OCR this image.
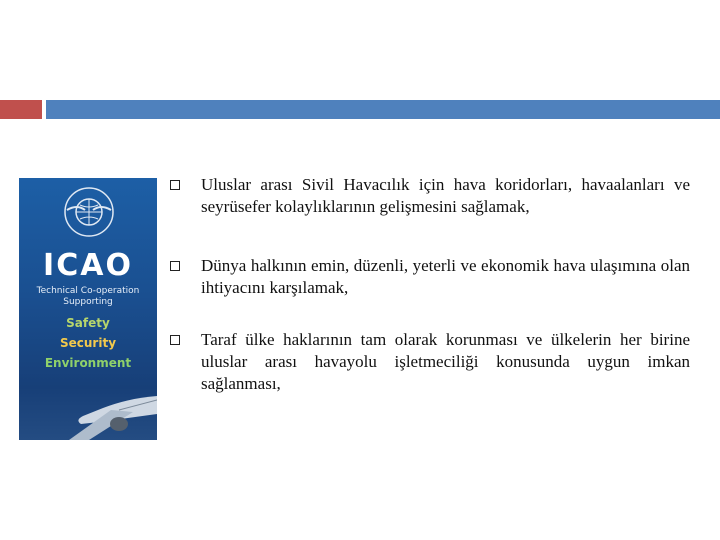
ICAO
Technical Co-operation
Supporting
Safety
Security
Environment
Uluslar arası Sivil Havacılık için hava koridorları, havaalanları ve seyrüsefer kolaylıklarının gelişmesini sağlamak,
Dünya halkının emin, düzenli, yeterli ve ekonomik hava ulaşımına olan ihtiyacını karşılamak,
Taraf ülke haklarının tam olarak korunması ve ülkelerin her birine uluslar arası havayolu işletmeciliği konusunda uygun imkan sağlanması,
